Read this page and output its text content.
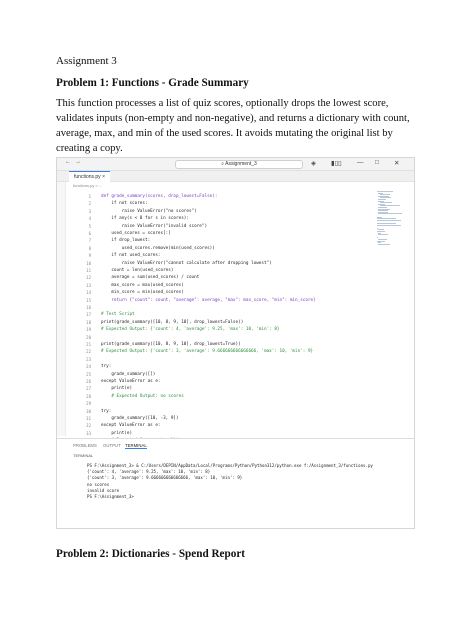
Assignment 3
Problem 1: Functions - Grade Summary
This function processes a list of quiz scores, optionally drops the lowest score, validates inputs (non-empty and non-negative), and returns a dictionary with count, average, max, and min of the used scores. It avoids mutating the original list by creating a copy.
← →	⌕ Assignment_3	◈ ▮▯▯ — □ ✕
functions.py ×
functions.py > ...
1 def grade_summary(scores, drop_lowest=False):
2 if not scores:
3 raise ValueError("no scores")
4 if any(s < 0 for s in scores):
5 raise ValueError("invalid score")
6 used_scores = scores[:]
7 if drop_lowest:
8 used_scores.remove(min(used_scores))
9 if not used_scores:
10 raise ValueError("cannot calculate after dropping lowest")
11 count = len(used_scores)
12 average = sum(used_scores) / count
13 max_score = max(used_scores)
14 min_score = min(used_scores)
15 return {"count": count, "average": average, "max": max_score, "min": min_score}
16
17 # Test Script
18 print(grade_summary([10, 8, 9, 10], drop_lowest=False))
19 # Expected Output: {'count': 4, 'average': 9.25, 'max': 10, 'min': 8}
20
21 print(grade_summary([10, 8, 9, 10], drop_lowest=True))
22 # Expected Output: {'count': 3, 'average': 9.666666666666666, 'max': 10, 'min': 9}
23
24 try:
25 grade_summary([])
26 except ValueError as e:
27 print(e)
28 # Expected Output: no scores
29
30 try:
31 grade_summary([10, -3, 9])
32 except ValueError as e:
33 print(e)
PROBLEMS OUTPUT TERMINAL
TERMINAL
PS F:\Assignment_3> & C:/Users/DEPIN/AppData/Local/Programs/Python/Python312/python.exe f:/Assignment_3/functions.py
{'count': 4, 'average': 9.25, 'max': 10, 'min': 8}
{'count': 3, 'average': 9.666666666666666, 'max': 10, 'min': 9}
no scores
invalid score
PS F:\Assignment_3>
Problem 2: Dictionaries - Spend Report
